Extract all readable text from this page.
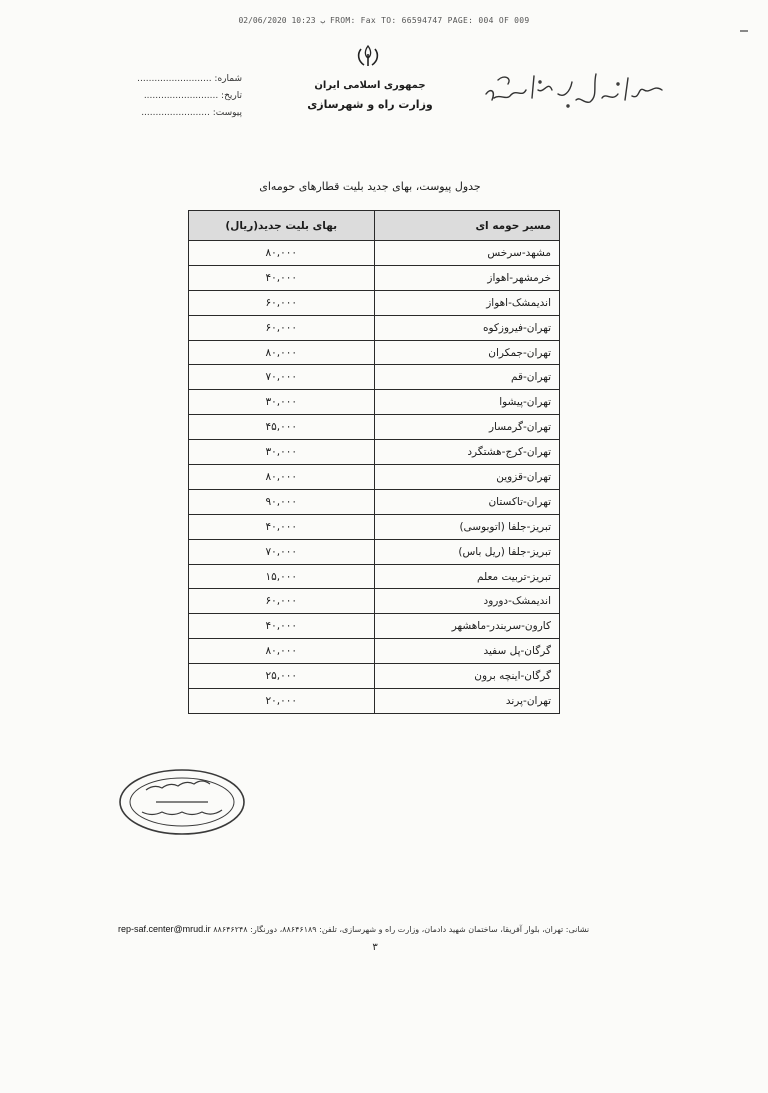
02/06/2020 ب 10:23 FROM: Fax TO: 66594747 PAGE: 004 OF 009
جمهوری اسلامی ایران
وزارت راه و شهرسازی
شماره: ..........................
تاریخ: ..........................
پیوست: ........................
جدول پیوست، بهای جدید بلیت قطارهای حومه‌ای
مسیر حومه ای	بهای بلیت جدید(ریال)
مشهد-سرخس	۸۰,۰۰۰
خرمشهر-اهواز	۴۰,۰۰۰
اندیمشک-اهواز	۶۰,۰۰۰
تهران-فیروزکوه	۶۰,۰۰۰
تهران-جمکران	۸۰,۰۰۰
تهران-قم	۷۰,۰۰۰
تهران-پیشوا	۳۰,۰۰۰
تهران-گرمسار	۴۵,۰۰۰
تهران-کرج-هشتگرد	۳۰,۰۰۰
تهران-قزوین	۸۰,۰۰۰
تهران-تاکستان	۹۰,۰۰۰
تبریز-جلفا (اتوبوسی)	۴۰,۰۰۰
تبریز-جلفا (ریل باس)	۷۰,۰۰۰
تبریز-تربیت معلم	۱۵,۰۰۰
اندیمشک-دورود	۶۰,۰۰۰
کارون-سربندر-ماهشهر	۴۰,۰۰۰
گرگان-پل سفید	۸۰,۰۰۰
گرگان-اینچه برون	۲۵,۰۰۰
تهران-پرند	۲۰,۰۰۰
rep-saf.center@mrud.ir نشانی: تهران، بلوار آفریقا، ساختمان شهید دادمان، وزارت راه و شهرسازی، تلفن: ۸۸۶۴۶۱۸۹، دورنگار: ۸۸۶۴۶۲۴۸
۳
